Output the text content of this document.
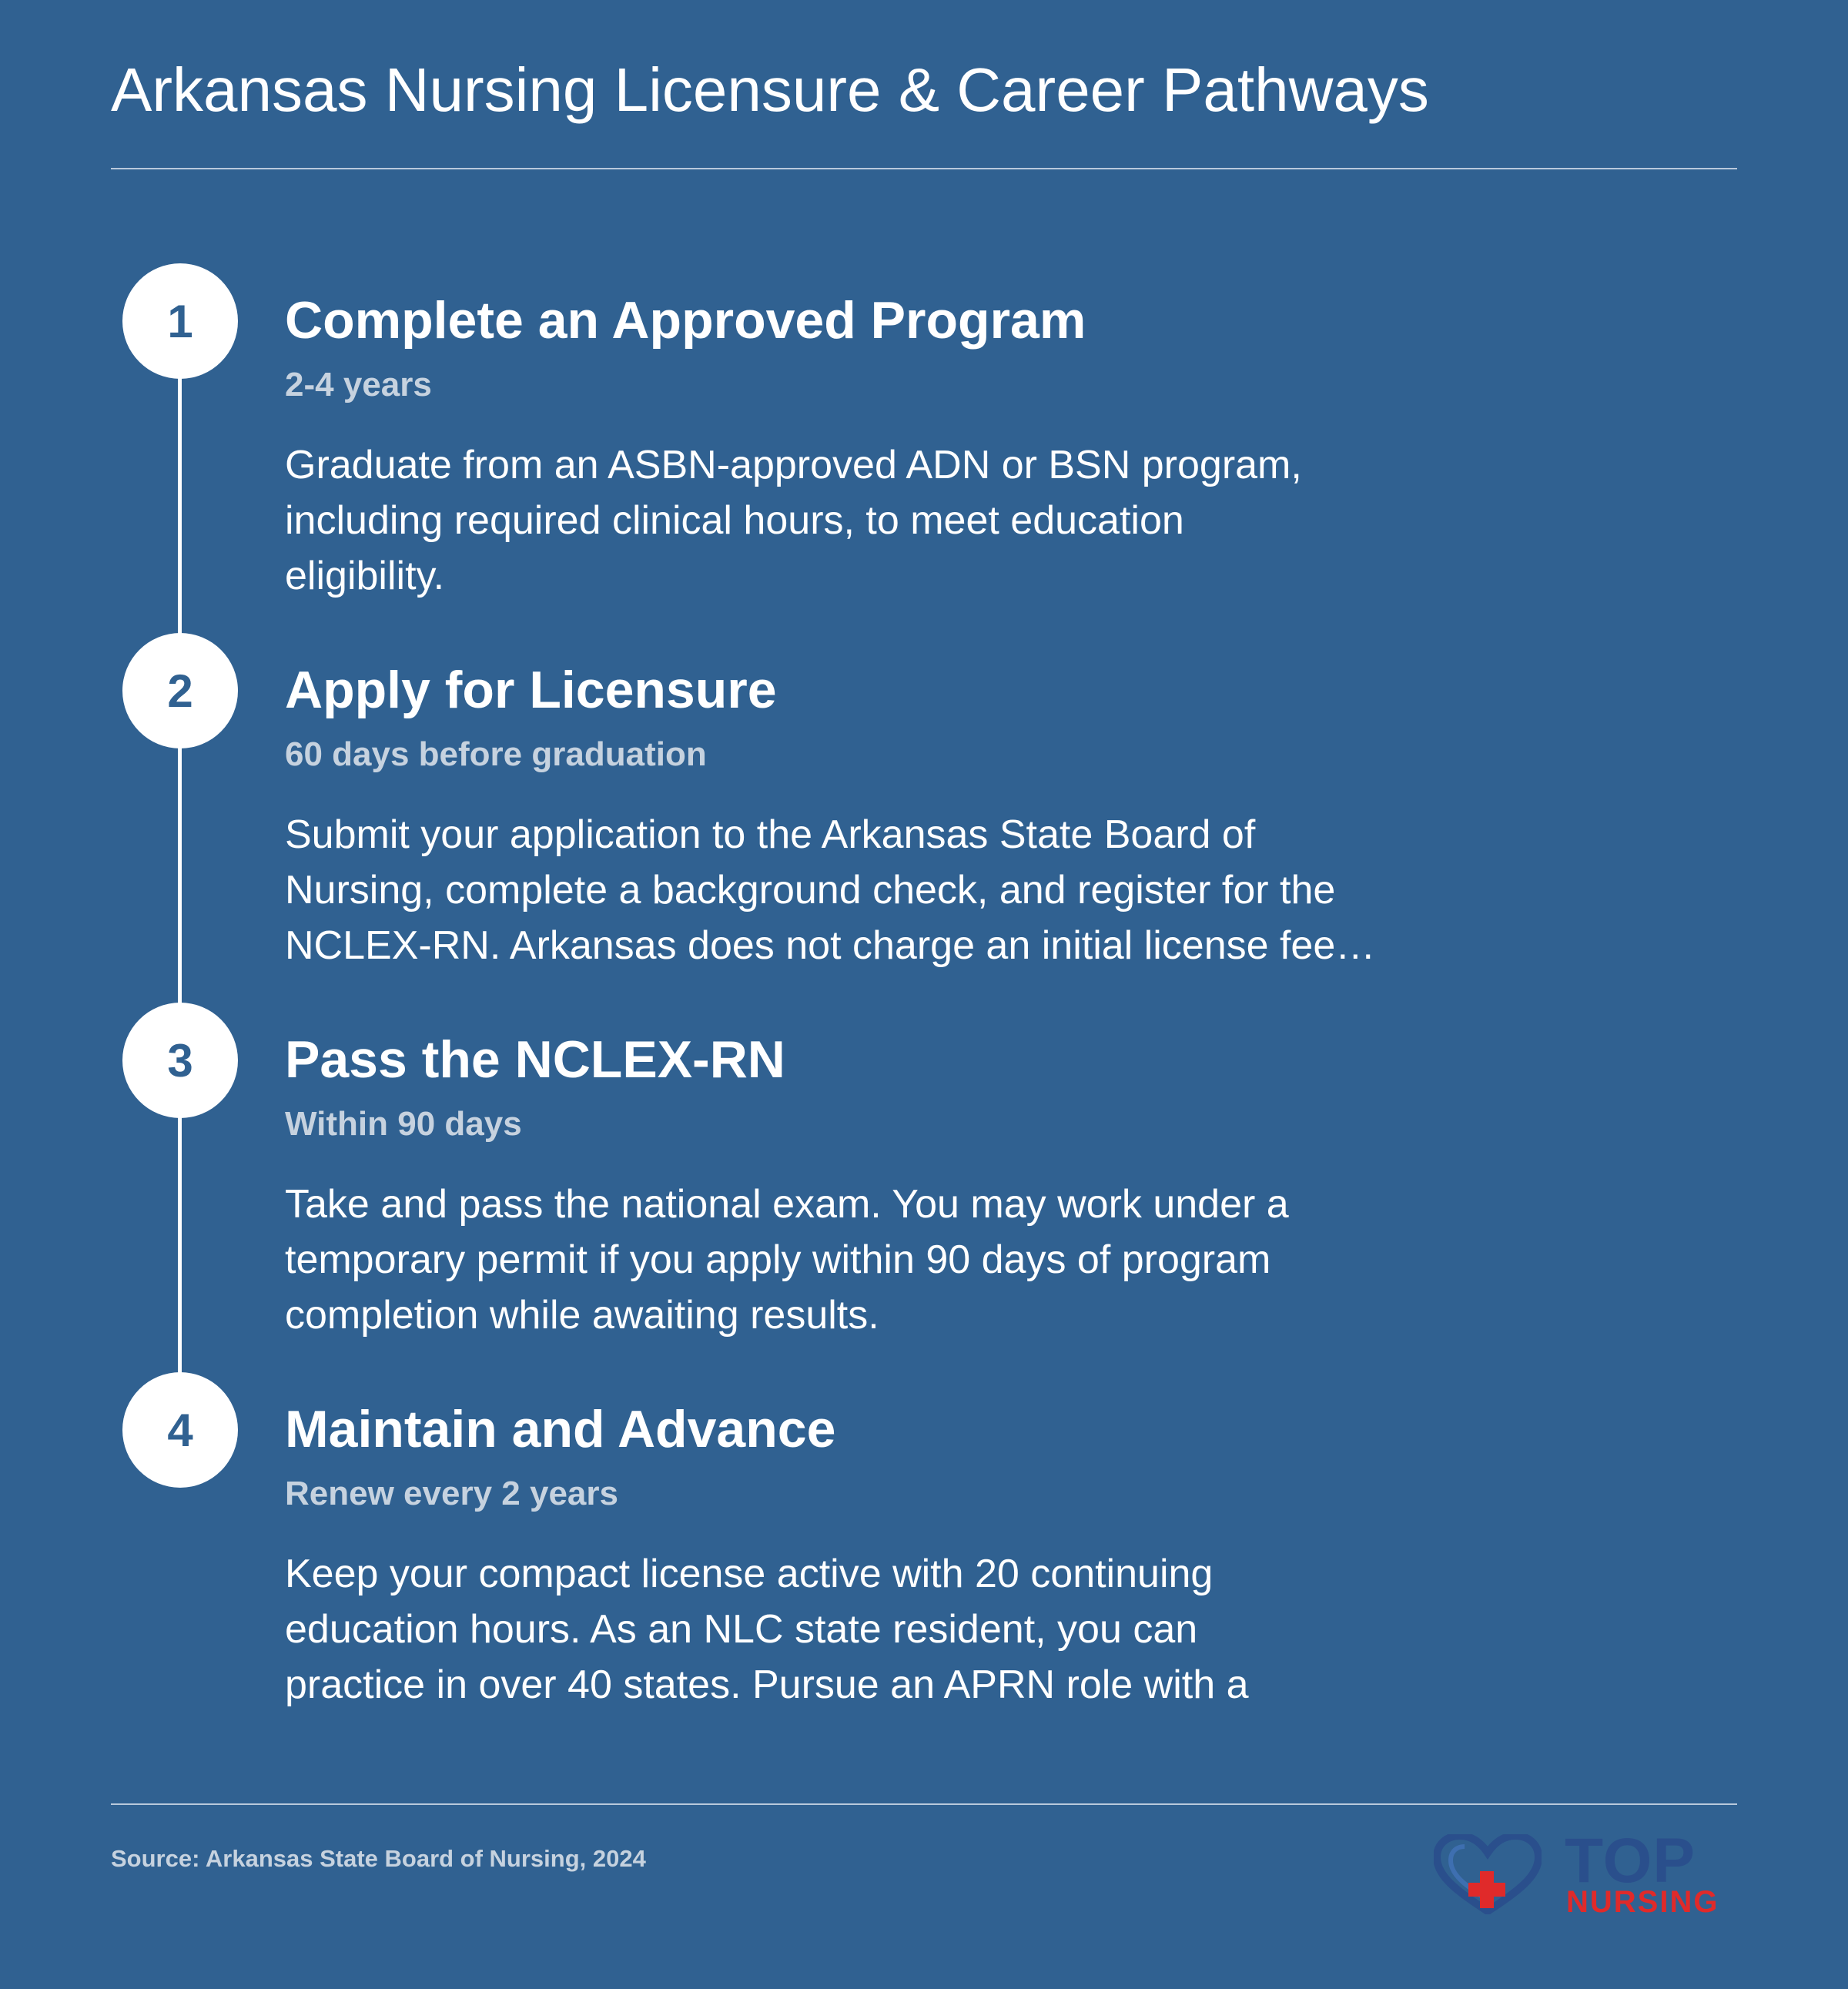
Arkansas Nursing Licensure & Career Pathways
1	Complete an Approved Program
2-4 years
Graduate from an ASBN-approved ADN or BSN program,
including required clinical hours, to meet education
eligibility.
2	Apply for Licensure
60 days before graduation
Submit your application to the Arkansas State Board of
Nursing, complete a background check, and register for the
NCLEX-RN. Arkansas does not charge an initial license fee…
3	Pass the NCLEX-RN
Within 90 days
Take and pass the national exam. You may work under a
temporary permit if you apply within 90 days of program
completion while awaiting results.
4	Maintain and Advance
Renew every 2 years
Keep your compact license active with 20 continuing
education hours. As an NLC state resident, you can
practice in over 40 states. Pursue an APRN role with a
Source: Arkansas State Board of Nursing, 2024	TOP
NURSING
